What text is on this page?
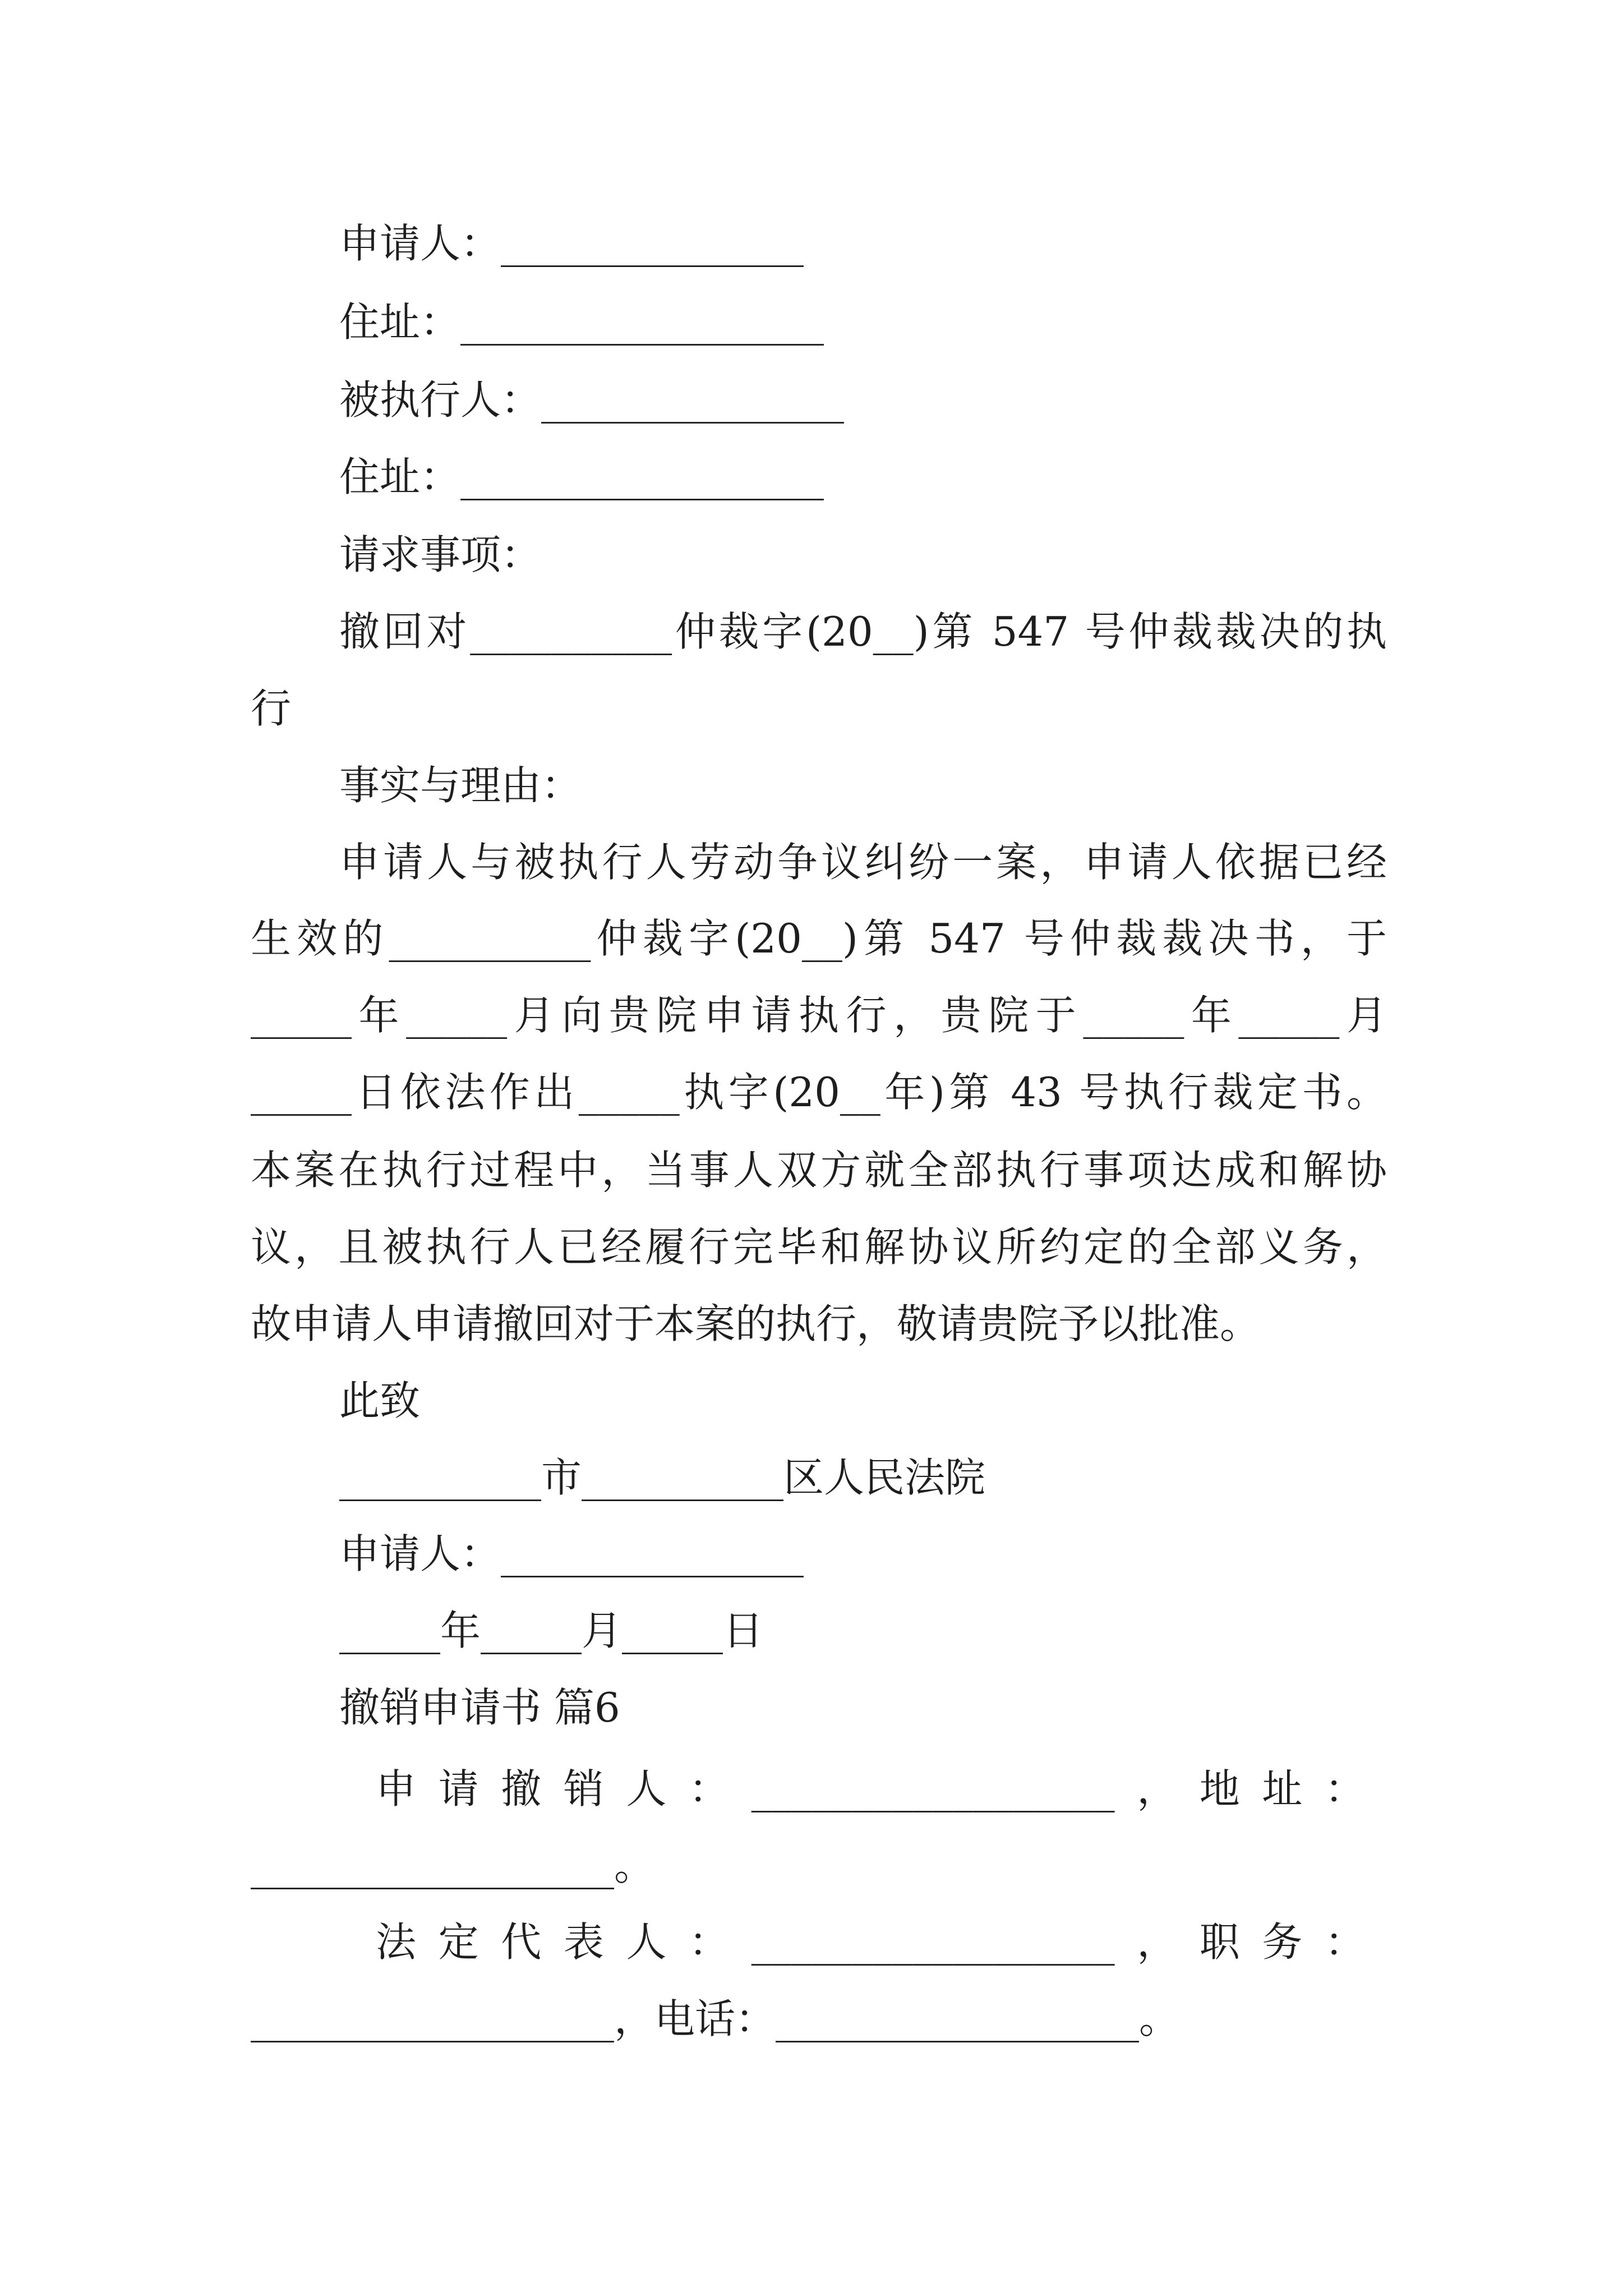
申请人：_______________
住址：__________________
被执行人：_______________
住址：__________________
请求事项：
撤回对__________仲裁字(20__)第 547 号仲裁裁决的执
行
事实与理由：
申请人与被执行人劳动争议纠纷一案，申请人依据已经
生效的__________仲裁字(20__)第 547 号仲裁裁决书，于
_____年_____月向贵院申请执行，贵院于_____年_____月
_____日依法作出_____执字(20__年)第 43 号执行裁定书。
本案在执行过程中，当事人双方就全部执行事项达成和解协
议，且被执行人已经履行完毕和解协议所约定的全部义务，
故申请人申请撤回对于本案的执行，敬请贵院予以批准。
此致
__________市__________区人民法院
申请人：_______________
_____年_____月_____日
撤销申请书 篇6
申请撤销人：__________________，地址：
__________________。
法定代表人：__________________，职务：
__________________，电话：__________________。
